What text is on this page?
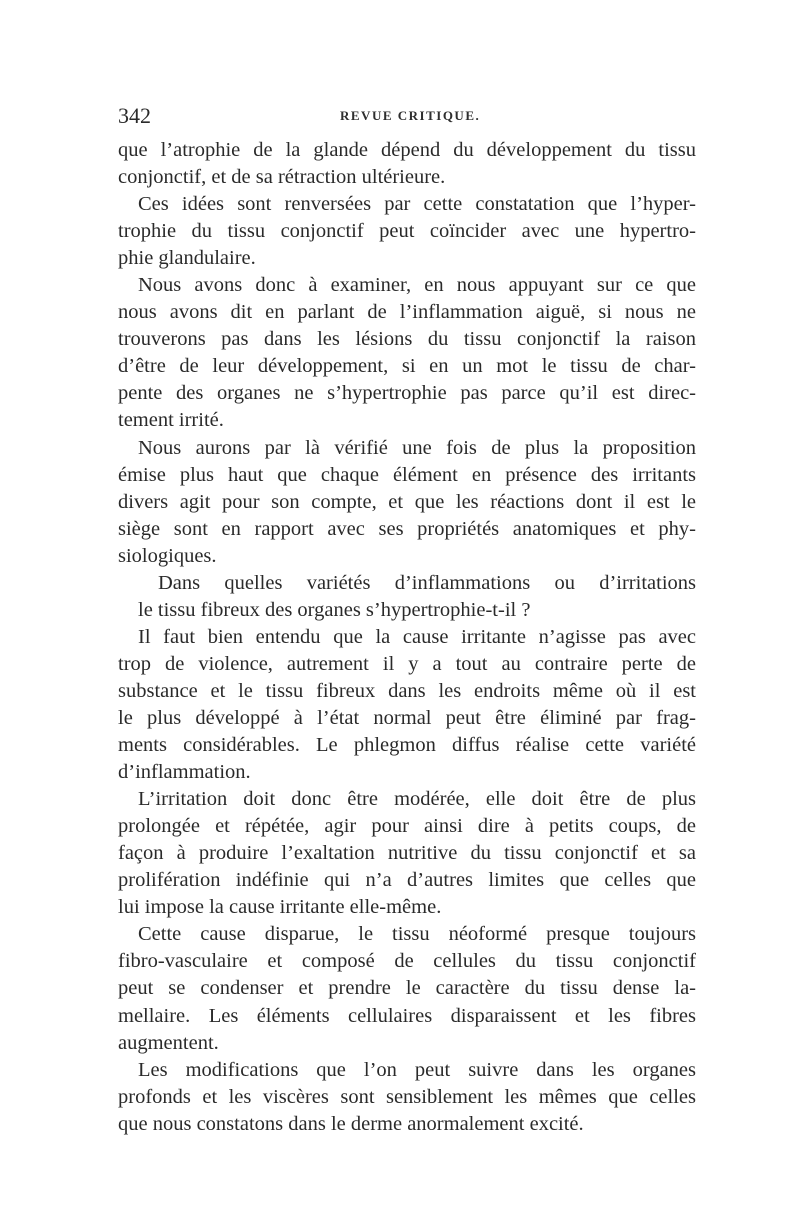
342	REVUE CRITIQUE.
que l’atrophie de la glande dépend du développement du tissu
conjonctif, et de sa rétraction ultérieure.
Ces idées sont renversées par cette constatation que l’hyper-
trophie du tissu conjonctif peut coïncider avec une hypertro-
phie glandulaire.
Nous avons donc à examiner, en nous appuyant sur ce que
nous avons dit en parlant de l’inflammation aiguë, si nous ne
trouverons pas dans les lésions du tissu conjonctif la raison
d’être de leur développement, si en un mot le tissu de char-
pente des organes ne s’hypertrophie pas parce qu’il est direc-
tement irrité.
Nous aurons par là vérifié une fois de plus la proposition
émise plus haut que chaque élément en présence des irritants
divers agit pour son compte, et que les réactions dont il est le
siège sont en rapport avec ses propriétés anatomiques et phy-
siologiques.
Dans quelles variétés d’inflammations ou d’irritations
le tissu fibreux des organes s’hypertrophie-t-il ?
Il faut bien entendu que la cause irritante n’agisse pas avec
trop de violence, autrement il y a tout au contraire perte de
substance et le tissu fibreux dans les endroits même où il est
le plus développé à l’état normal peut être éliminé par frag-
ments considérables. Le phlegmon diffus réalise cette variété
d’inflammation.
L’irritation doit donc être modérée, elle doit être de plus
prolongée et répétée, agir pour ainsi dire à petits coups, de
façon à produire l’exaltation nutritive du tissu conjonctif et sa
prolifération indéfinie qui n’a d’autres limites que celles que
lui impose la cause irritante elle-même.
Cette cause disparue, le tissu néoformé presque toujours
fibro-vasculaire et composé de cellules du tissu conjonctif
peut se condenser et prendre le caractère du tissu dense la-
mellaire. Les éléments cellulaires disparaissent et les fibres
augmentent.
Les modifications que l’on peut suivre dans les organes
profonds et les viscères sont sensiblement les mêmes que celles
que nous constatons dans le derme anormalement excité.
